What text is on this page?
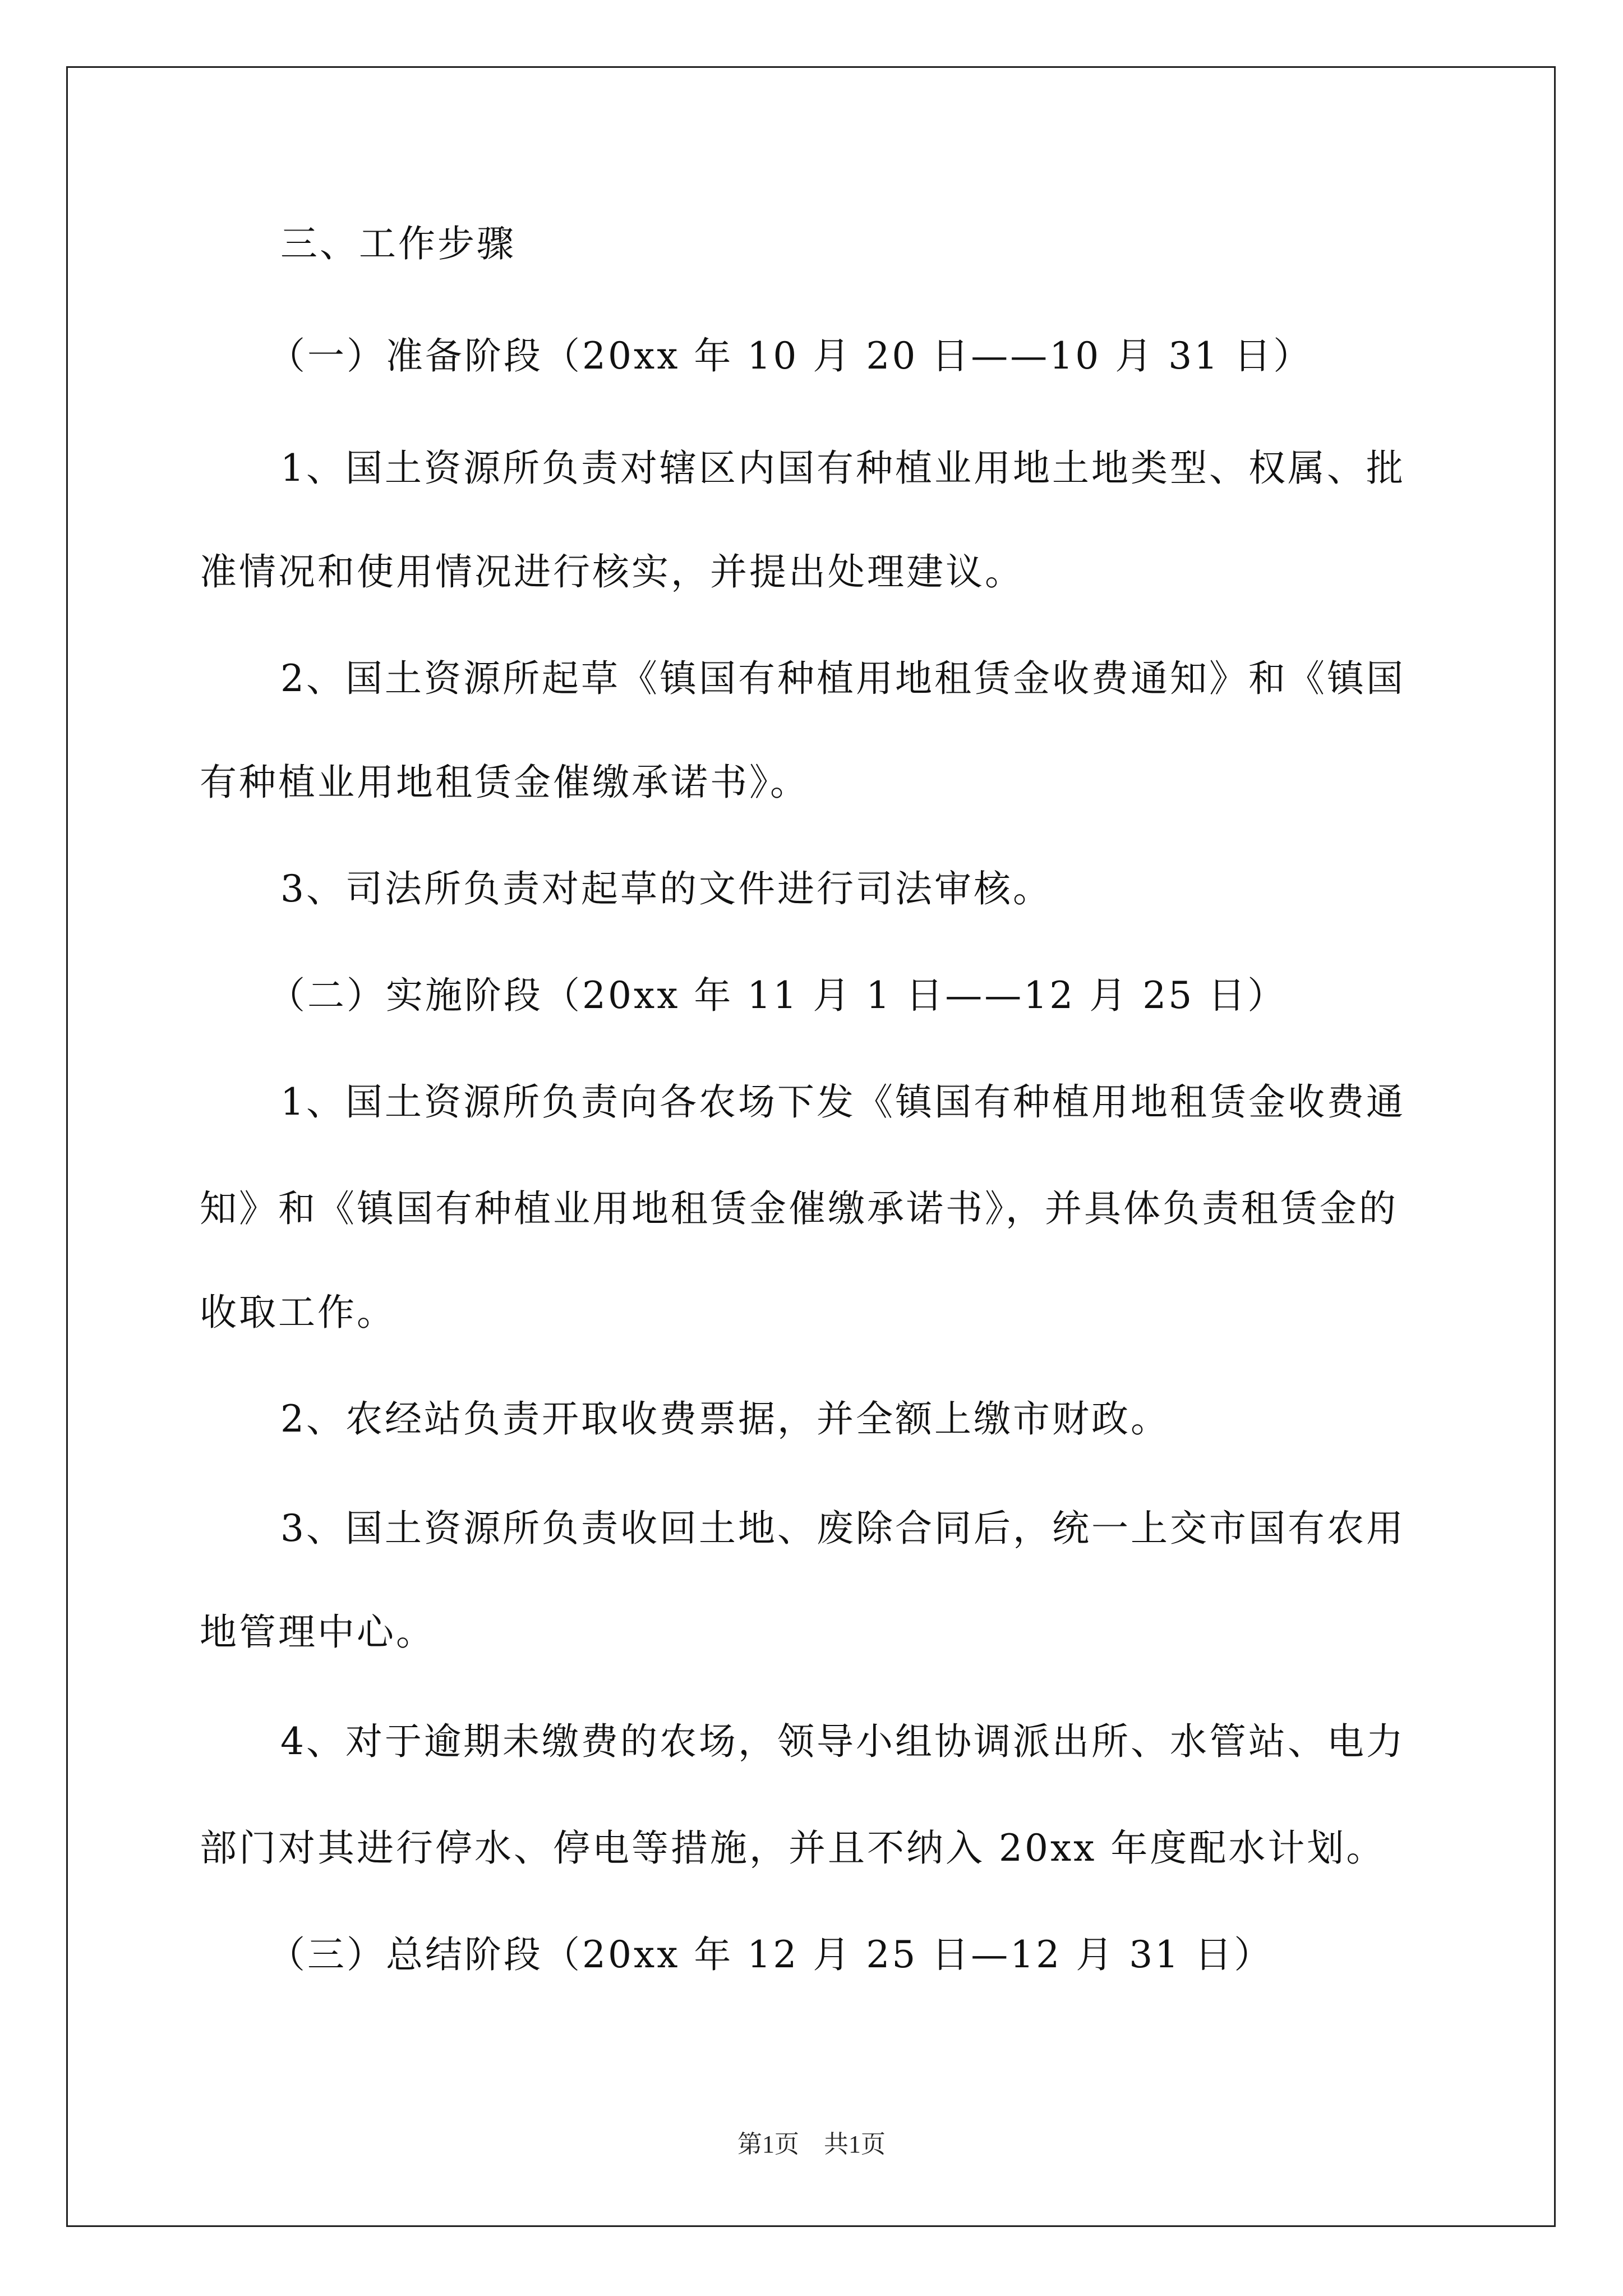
三、工作步骤
（一）准备阶段（20xx 年 10 月 20 日——10 月 31 日）
1、国土资源所负责对辖区内国有种植业用地土地类型、权属、批
准情况和使用情况进行核实，并提出处理建议。
2、国土资源所起草《镇国有种植用地租赁金收费通知》和《镇国
有种植业用地租赁金催缴承诺书》。
3、司法所负责对起草的文件进行司法审核。
（二）实施阶段（20xx 年 11 月 1 日——12 月 25 日）
1、国土资源所负责向各农场下发《镇国有种植用地租赁金收费通
知》和《镇国有种植业用地租赁金催缴承诺书》，并具体负责租赁金的
收取工作。
2、农经站负责开取收费票据，并全额上缴市财政。
3、国土资源所负责收回土地、废除合同后，统一上交市国有农用
地管理中心。
4、对于逾期未缴费的农场，领导小组协调派出所、水管站、电力
部门对其进行停水、停电等措施，并且不纳入 20xx 年度配水计划。
（三）总结阶段（20xx 年 12 月 25 日—12 月 31 日）
第1页　共1页
